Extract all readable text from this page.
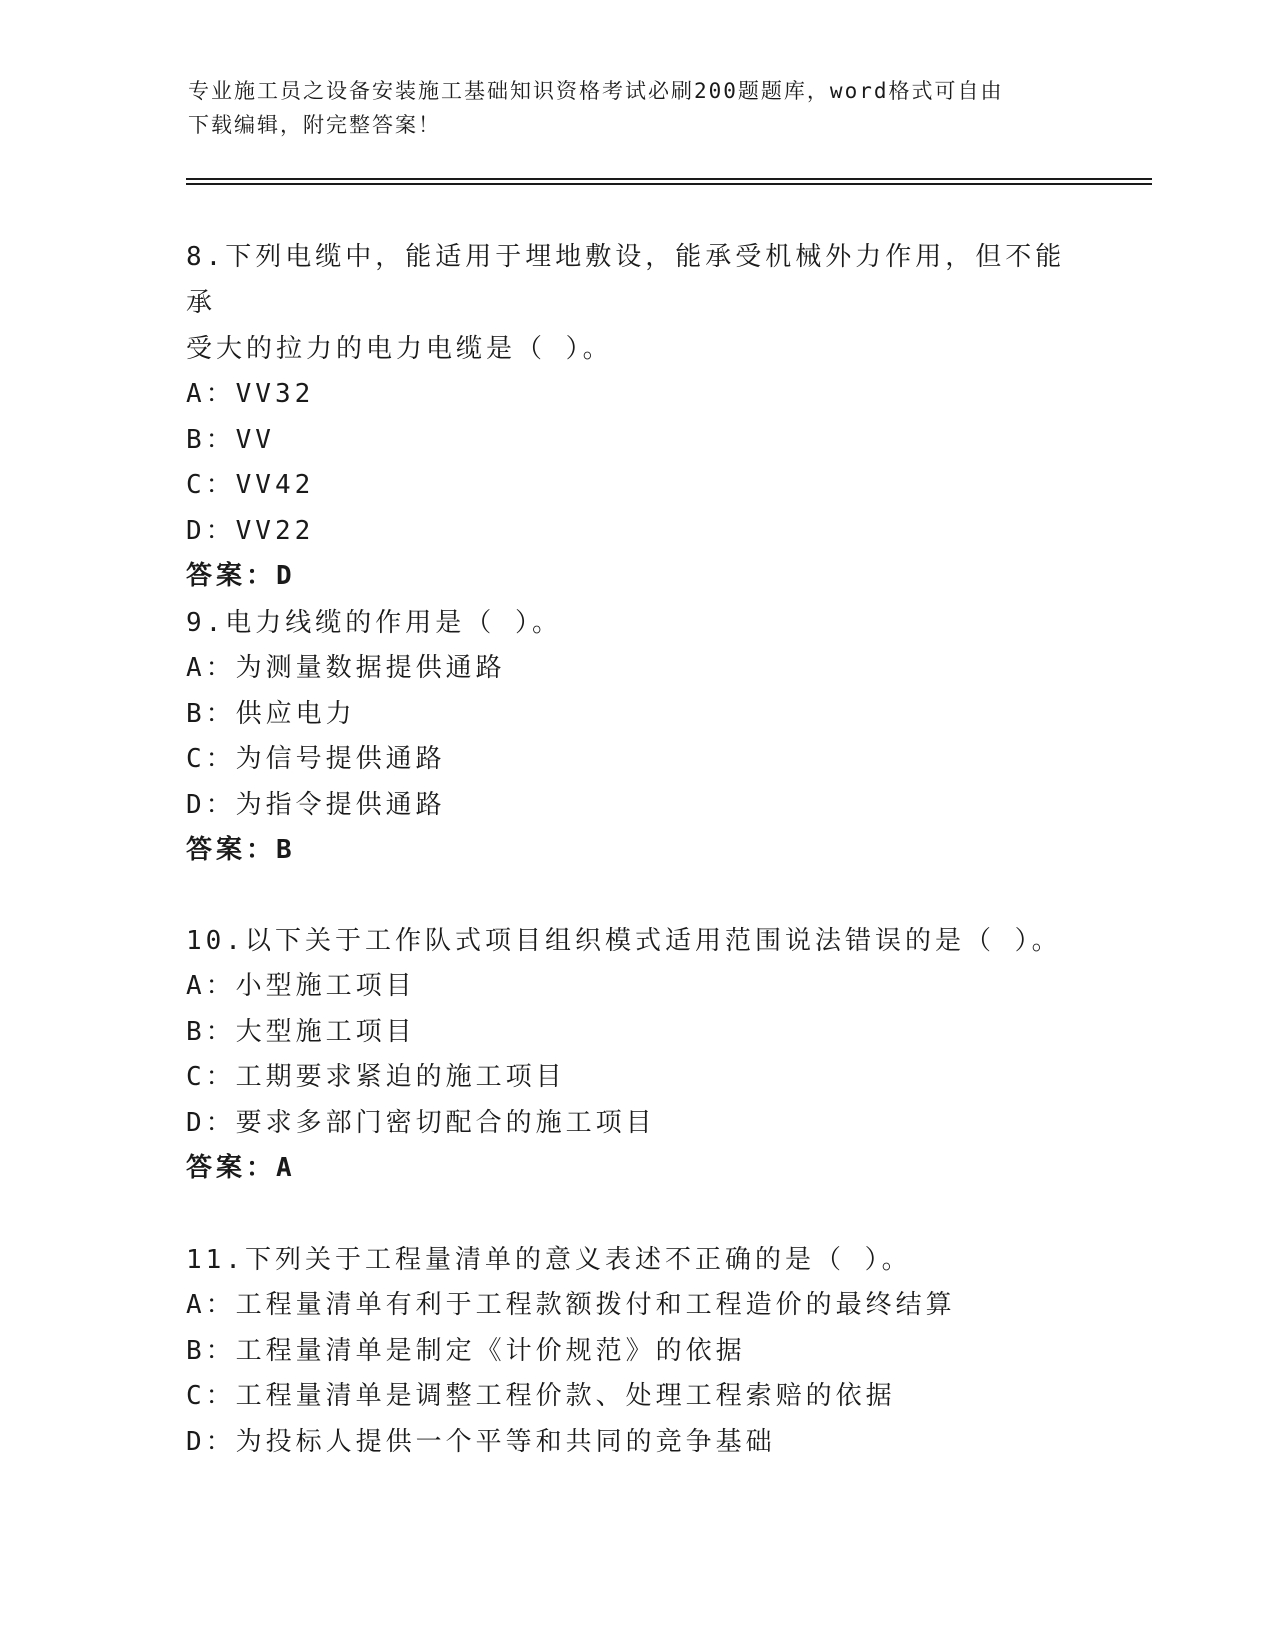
专业施工员之设备安装施工基础知识资格考试必刷200题题库，word格式可自由
下载编辑，附完整答案！

8.下列电缆中，能适用于埋地敷设，能承受机械外力作用，但不能承

受大的拉力的电力电缆是（ ）。

A：VV32

B：VV

C：VV42

D：VV22

答案：D

9.电力线缆的作用是（ ）。

A：为测量数据提供通路

B：供应电力

C：为信号提供通路

D：为指令提供通路

答案：B

10.以下关于工作队式项目组织模式适用范围说法错误的是（ ）。

A：小型施工项目

B：大型施工项目

C：工期要求紧迫的施工项目

D：要求多部门密切配合的施工项目

答案：A

11.下列关于工程量清单的意义表述不正确的是（ ）。

A：工程量清单有利于工程款额拨付和工程造价的最终结算

B：工程量清单是制定《计价规范》的依据

C：工程量清单是调整工程价款、处理工程索赔的依据

D：为投标人提供一个平等和共同的竞争基础
